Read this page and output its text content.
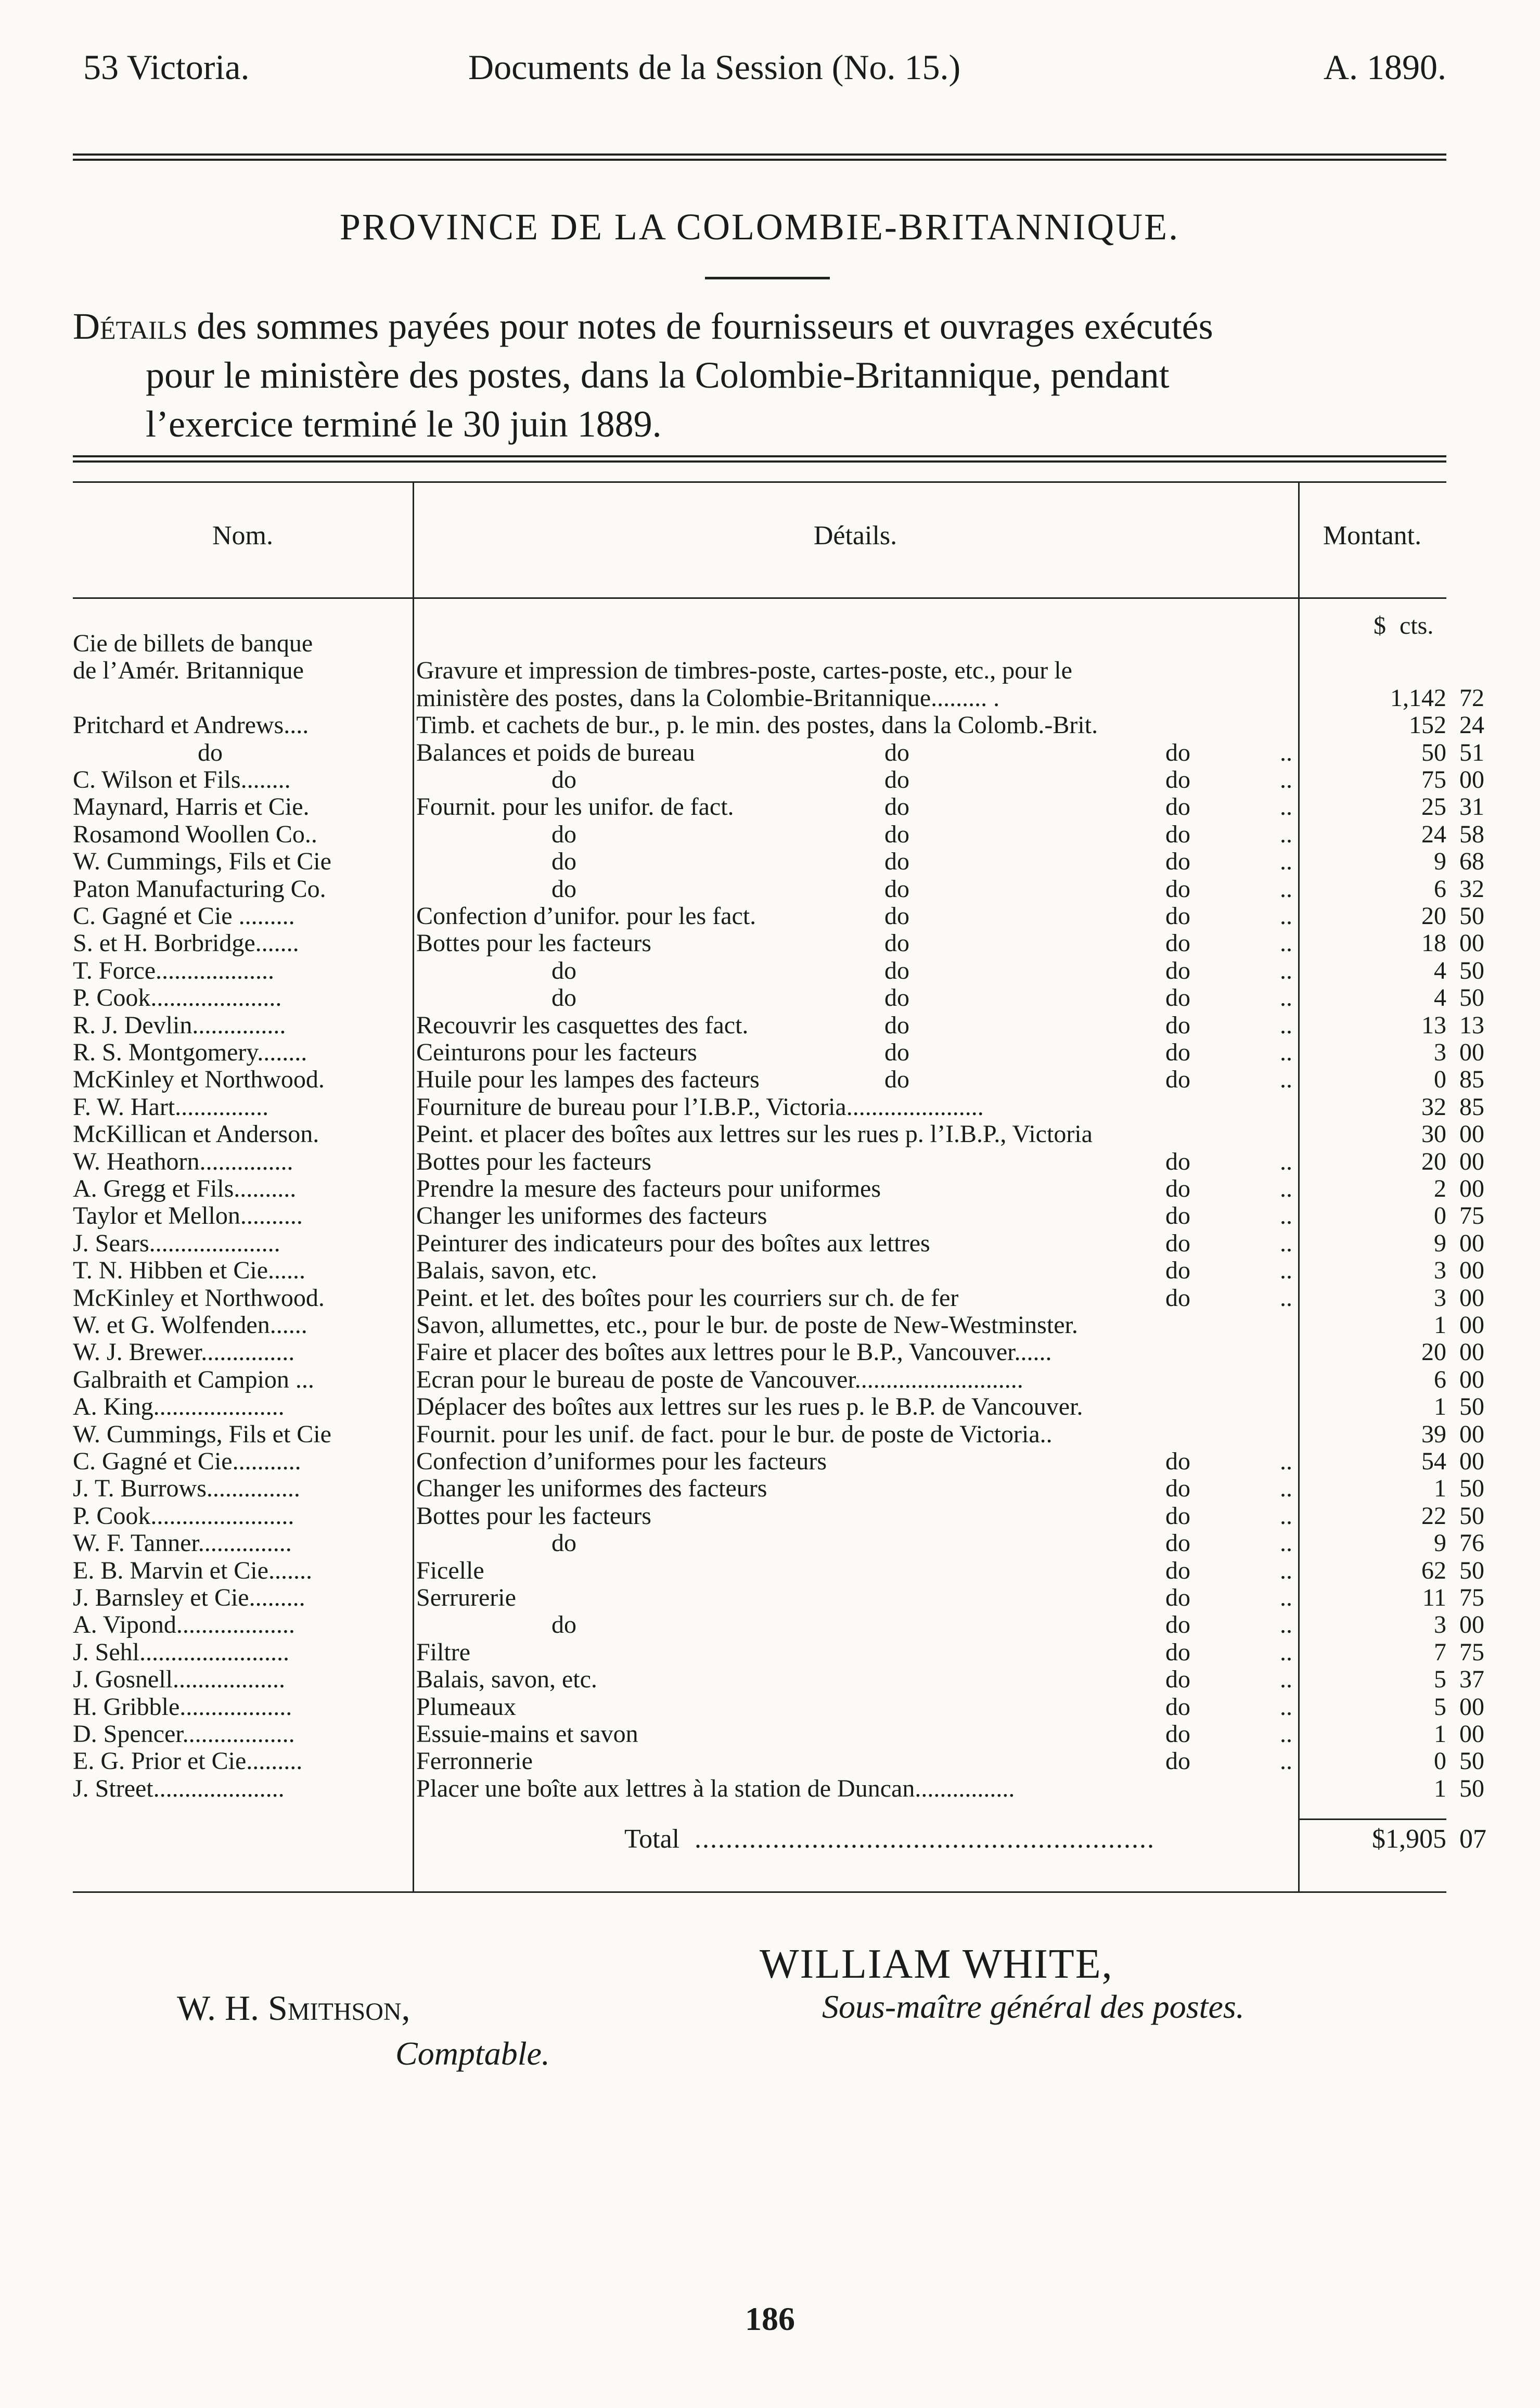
53 Victoria.	Documents de la Session (No. 15.)	A. 1890.
PROVINCE DE LA COLOMBIE-BRITANNIQUE.
Détails des sommes payées pour notes de fournisseurs et ouvrages exécutés
pour le ministère des postes, dans la Colombie-Britannique, pendant
l’exercice terminé le 30 juin 1889.
Nom.	Détails.	Montant.
$ cts.
Cie de billets de banque
de l’Amér. Britannique	Gravure et impression de timbres-poste, cartes-poste, etc., pour le
ministère des postes, dans la Colombie-Britannique......... .	1,142 72
Pritchard et Andrews....	Timb. et cachets de bur., p. le min. des postes, dans la Colomb.-Brit.	152 24
do	Balances et poids de bureau	do	do	..	50 51
C. Wilson et Fils........	do	do	do	..	75 00
Maynard, Harris et Cie.	Fournit. pour les unifor. de fact.	do	do	..	25 31
Rosamond Woollen Co..	do	do	do	..	24 58
W. Cummings, Fils et Cie	do	do	do	..	9 68
Paton Manufacturing Co.	do	do	do	..	6 32
C. Gagné et Cie .........	Confection d’unifor. pour les fact.	do	do	..	20 50
S. et H. Borbridge.......	Bottes pour les facteurs	do	do	..	18 00
T. Force...................	do	do	do	..	4 50
P. Cook.....................	do	do	do	..	4 50
R. J. Devlin...............	Recouvrir les casquettes des fact.	do	do	..	13 13
R. S. Montgomery........	Ceinturons pour les facteurs	do	do	..	3 00
McKinley et Northwood.	Huile pour les lampes des facteurs	do	do	..	0 85
F. W. Hart...............	Fourniture de bureau pour l’I.B.P., Victoria......................	32 85
McKillican et Anderson.	Peint. et placer des boîtes aux lettres sur les rues p. l’I.B.P., Victoria	30 00
W. Heathorn...............	Bottes pour les facteurs	do	..	20 00
A. Gregg et Fils..........	Prendre la mesure des facteurs pour uniformes	do	..	2 00
Taylor et Mellon..........	Changer les uniformes des facteurs	do	..	0 75
J. Sears.....................	Peinturer des indicateurs pour des boîtes aux lettres	do	..	9 00
T. N. Hibben et Cie......	Balais, savon, etc.	do	..	3 00
McKinley et Northwood.	Peint. et let. des boîtes pour les courriers sur ch. de fer	do	..	3 00
W. et G. Wolfenden......	Savon, allumettes, etc., pour le bur. de poste de New-Westminster.	1 00
W. J. Brewer...............	Faire et placer des boîtes aux lettres pour le B.P., Vancouver......	20 00
Galbraith et Campion ...	Ecran pour le bureau de poste de Vancouver...........................	6 00
A. King.....................	Déplacer des boîtes aux lettres sur les rues p. le B.P. de Vancouver.	1 50
W. Cummings, Fils et Cie	Fournit. pour les unif. de fact. pour le bur. de poste de Victoria..	39 00
C. Gagné et Cie...........	Confection d’uniformes pour les facteurs	do	..	54 00
J. T. Burrows...............	Changer les uniformes des facteurs	do	..	1 50
P. Cook.......................	Bottes pour les facteurs	do	..	22 50
W. F. Tanner...............	do	do	..	9 76
E. B. Marvin et Cie.......	Ficelle	do	..	62 50
J. Barnsley et Cie.........	Serrurerie	do	..	11 75
A. Vipond...................	do	do	..	3 00
J. Sehl........................	Filtre	do	..	7 75
J. Gosnell..................	Balais, savon, etc.	do	..	5 37
H. Gribble..................	Plumeaux	do	..	5 00
D. Spencer..................	Essuie-mains et savon	do	..	1 00
E. G. Prior et Cie.........	Ferronnerie	do	..	0 50
J. Street.....................	Placer une boîte aux lettres à la station de Duncan................	1 50
Total ...........................................................	$1,905 07
WILLIAM WHITE,
Sous-maître général des postes.
W. H. Smithson,
Comptable.
186
